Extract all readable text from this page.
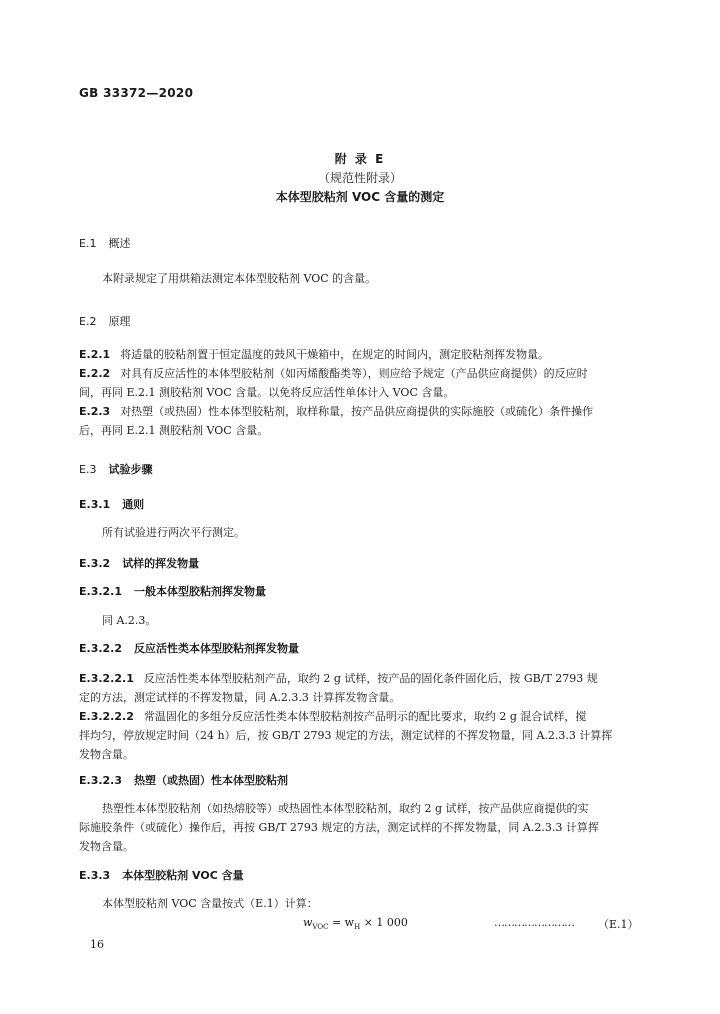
GB 33372—2020
附 录 E
（规范性附录）
本体型胶粘剂 VOC 含量的测定
E.1 概述
本附录规定了用烘箱法测定本体型胶粘剂 VOC 的含量。
E.2 原理
E.2.1 将适量的胶粘剂置于恒定温度的鼓风干燥箱中，在规定的时间内，测定胶粘剂挥发物量。
E.2.2 对具有反应活性的本体型胶粘剂（如丙烯酸酯类等），则应给予规定（产品供应商提供）的反应时
间，再同 E.2.1 测胶粘剂 VOC 含量。以免将反应活性单体计入 VOC 含量。
E.2.3 对热塑（或热固）性本体型胶粘剂，取样称量，按产品供应商提供的实际施胶（或硫化）条件操作
后，再同 E.2.1 测胶粘剂 VOC 含量。
E.3 试验步骤
E.3.1 通则
所有试验进行两次平行测定。
E.3.2 试样的挥发物量
E.3.2.1 一般本体型胶粘剂挥发物量
同 A.2.3。
E.3.2.2 反应活性类本体型胶粘剂挥发物量
E.3.2.2.1 反应活性类本体型胶粘剂产品，取约 2 g 试样，按产品的固化条件固化后，按 GB/T 2793 规
定的方法，测定试样的不挥发物量，同 A.2.3.3 计算挥发物含量。
E.3.2.2.2 常温固化的多组分反应活性类本体型胶粘剂按产品明示的配比要求，取约 2 g 混合试样，搅
拌均匀，停放规定时间（24 h）后，按 GB/T 2793 规定的方法，测定试样的不挥发物量，同 A.2.3.3 计算挥
发物含量。
E.3.2.3 热塑（或热固）性本体型胶粘剂
热塑性本体型胶粘剂（如热熔胶等）或热固性本体型胶粘剂，取约 2 g 试样，按产品供应商提供的实
际施胶条件（或硫化）操作后，再按 GB/T 2793 规定的方法，测定试样的不挥发物量，同 A.2.3.3 计算挥
发物含量。
E.3.3 本体型胶粘剂 VOC 含量
本体型胶粘剂 VOC 含量按式（E.1）计算：
$w_{VOC} = w_H \times 1$ 000	…………………… （E.1）
16
